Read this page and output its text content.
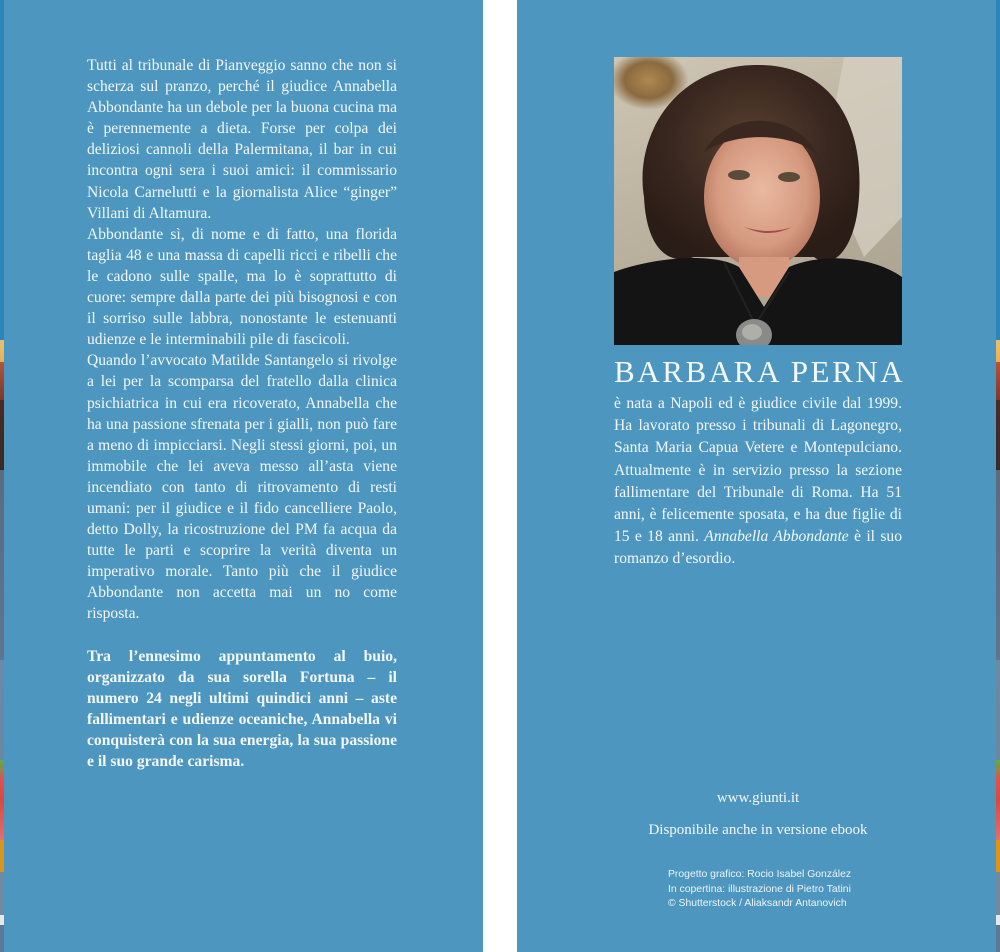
Tutti al tribunale di Pianveggio sanno che non si scherza sul pranzo, perché il giudice Annabella Abbondante ha un debole per la buona cucina ma è perennemente a dieta. Forse per colpa dei deliziosi cannoli della Palermitana, il bar in cui incontra ogni sera i suoi amici: il commissario Nicola Carnelutti e la giornalista Alice “ginger” Villani di Altamura.

Abbondante sì, di nome e di fatto, una florida taglia 48 e una massa di capelli ricci e ribelli che le cadono sulle spalle, ma lo è soprattutto di cuore: sempre dalla parte dei più bisognosi e con il sorriso sulle labbra, nonostante le estenuanti udienze e le interminabili pile di fascicoli.

Quando l’avvocato Matilde Santangelo si rivolge a lei per la scomparsa del fratello dalla clinica psichiatrica in cui era ricoverato, Annabella che ha una passione sfrenata per i gialli, non può fare a meno di impicciarsi. Negli stessi giorni, poi, un immobile che lei aveva messo all’asta viene incendiato con tanto di ritrovamento di resti umani: per il giudice e il fido cancelliere Paolo, detto Dolly, la ricostruzione del PM fa acqua da tutte le parti e scoprire la verità diventa un imperativo morale. Tanto più che il giudice Abbondante non accetta mai un no come risposta.

Tra l’ennesimo appuntamento al buio, organizzato da sua sorella Fortuna – il numero 24 negli ultimi quindici anni – aste fallimentari e udienze oceaniche, Annabella vi conquisterà con la sua energia, la sua passione e il suo grande carisma.

BARBARA PERNA
è nata a Napoli ed è giudice civile dal 1999. Ha lavorato presso i tribunali di Lagonegro, Santa Maria Capua Vetere e Montepulciano. Attualmente è in servizio presso la sezione fallimentare del Tribunale di Roma. Ha 51 anni, è felicemente sposata, e ha due figlie di 15 e 18 anni. Annabella Abbondante è il suo romanzo d’esordio.
www.giunti.it
Disponibile anche in versione ebook
Progetto grafico: Rocio Isabel González
In copertina: illustrazione di Pietro Tatini
© Shutterstock / Aliaksandr Antanovich
